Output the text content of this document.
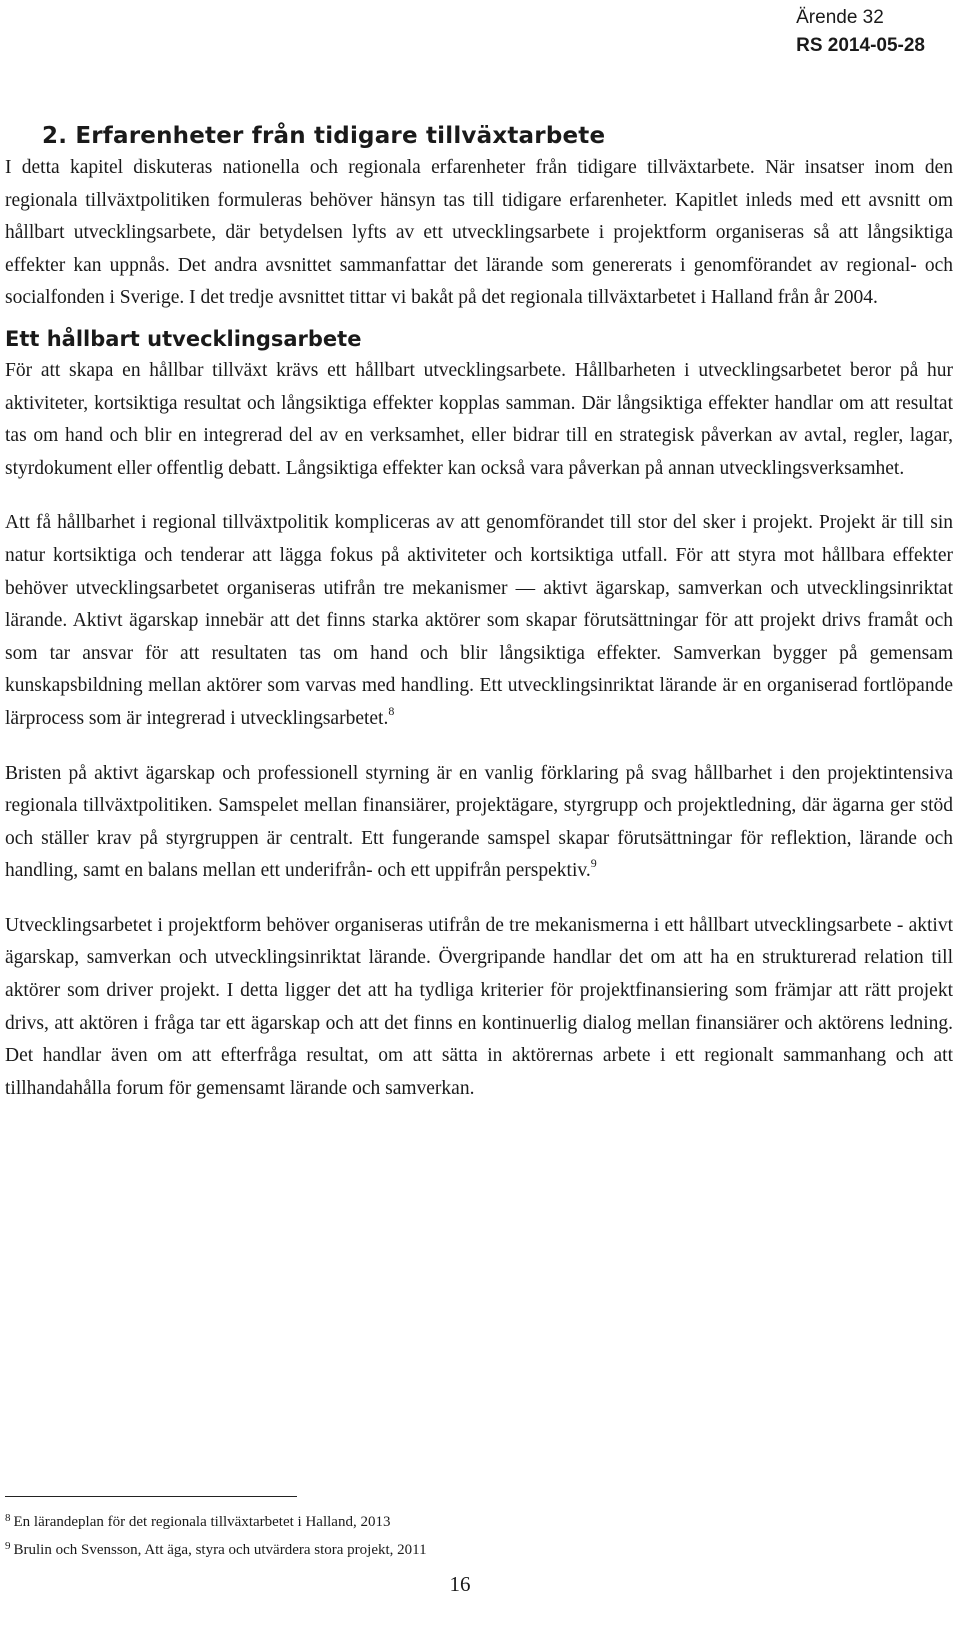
Ärende 32
RS 2014-05-28
2. Erfarenheter från tidigare tillväxtarbete

I detta kapitel diskuteras nationella och regionala erfarenheter från tidigare tillväxtarbete. När insatser inom den regionala tillväxtpolitiken formuleras behöver hänsyn tas till tidigare erfarenheter. Kapitlet inleds med ett avsnitt om hållbart utvecklingsarbete, där betydelsen lyfts av ett utvecklingsarbete i projektform organiseras så att långsiktiga effekter kan uppnås. Det andra avsnittet sammanfattar det lärande som genererats i genomförandet av regional- och socialfonden i Sverige. I det tredje avsnittet tittar vi bakåt på det regionala tillväxtarbetet i Halland från år 2004.

Ett hållbart utvecklingsarbete

För att skapa en hållbar tillväxt krävs ett hållbart utvecklingsarbete. Hållbarheten i utvecklingsarbetet beror på hur aktiviteter, kortsiktiga resultat och långsiktiga effekter kopplas samman. Där långsiktiga effekter handlar om att resultat tas om hand och blir en integrerad del av en verksamhet, eller bidrar till en strategisk påverkan av avtal, regler, lagar, styrdokument eller offentlig debatt. Långsiktiga effekter kan också vara påverkan på annan utvecklingsverksamhet.

Att få hållbarhet i regional tillväxtpolitik kompliceras av att genomförandet till stor del sker i projekt. Projekt är till sin natur kortsiktiga och tenderar att lägga fokus på aktiviteter och kortsiktiga utfall. För att styra mot hållbara effekter behöver utvecklingsarbetet organiseras utifrån tre mekanismer — aktivt ägarskap, samverkan och utvecklingsinriktat lärande. Aktivt ägarskap innebär att det finns starka aktörer som skapar förutsättningar för att projekt drivs framåt och som tar ansvar för att resultaten tas om hand och blir långsiktiga effekter. Samverkan bygger på gemensam kunskapsbildning mellan aktörer som varvas med handling. Ett utvecklingsinriktat lärande är en organiserad fortlöpande lärprocess som är integrerad i utvecklingsarbetet.$^8$

Bristen på aktivt ägarskap och professionell styrning är en vanlig förklaring på svag hållbarhet i den projektintensiva regionala tillväxtpolitiken. Samspelet mellan finansiärer, projektägare, styrgrupp och projektledning, där ägarna ger stöd och ställer krav på styrgruppen är centralt. Ett fungerande samspel skapar förutsättningar för reflektion, lärande och handling, samt en balans mellan ett underifrån- och ett uppifrån perspektiv.$^9$

Utvecklingsarbetet i projektform behöver organiseras utifrån de tre mekanismerna i ett hållbart utvecklingsarbete - aktivt ägarskap, samverkan och utvecklingsinriktat lärande. Övergripande handlar det om att ha en strukturerad relation till aktörer som driver projekt. I detta ligger det att ha tydliga kriterier för projektfinansiering som främjar att rätt projekt drivs, att aktören i fråga tar ett ägarskap och att det finns en kontinuerlig dialog mellan finansiärer och aktörens ledning. Det handlar även om att efterfråga resultat, om att sätta in aktörernas arbete i ett regionalt sammanhang och att tillhandahålla forum för gemensamt lärande och samverkan.

$^8$ En lärandeplan för det regionala tillväxtarbetet i Halland, 2013
$^9$ Brulin och Svensson, Att äga, styra och utvärdera stora projekt, 2011
16
